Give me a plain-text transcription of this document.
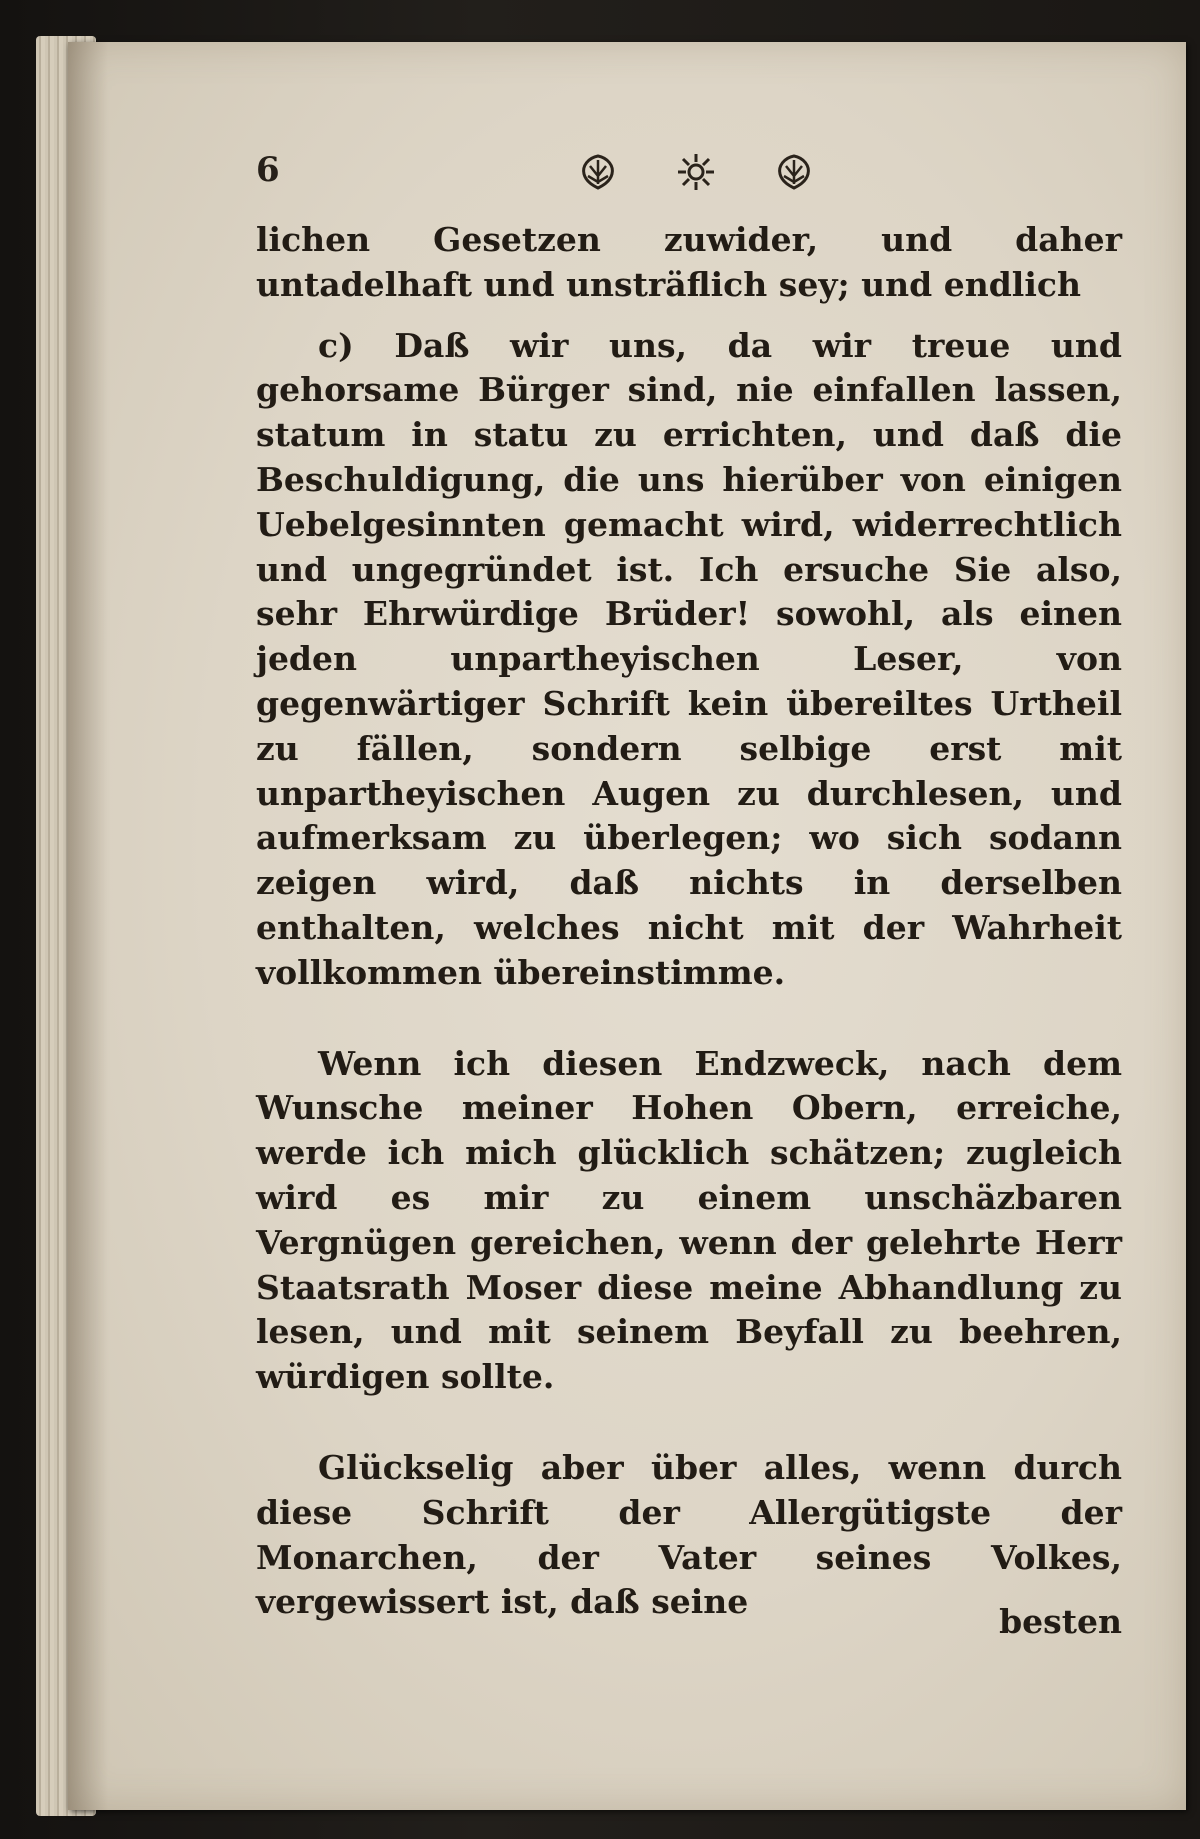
6

lichen Gesetzen zuwider, und daher untadelhaft und unsträflich sey; und endlich

c) Daß wir uns, da wir treue und gehorsame Bürger sind, nie einfallen lassen, statum in statu zu errichten, und daß die Beschuldigung, die uns hierüber von einigen Uebelgesinnten gemacht wird, widerrechtlich und ungegründet ist. Ich ersuche Sie also, sehr Ehrwürdige Brüder! sowohl, als einen jeden unpartheyischen Leser, von gegenwärtiger Schrift kein übereiltes Urtheil zu fällen, sondern selbige erst mit unpartheyischen Augen zu durchlesen, und aufmerksam zu überlegen; wo sich sodann zeigen wird, daß nichts in derselben enthalten, welches nicht mit der Wahrheit vollkommen übereinstimme.

Wenn ich diesen Endzweck, nach dem Wunsche meiner Hohen Obern, erreiche, werde ich mich glücklich schätzen; zugleich wird es mir zu einem unschäzbaren Vergnügen gereichen, wenn der gelehrte Herr Staatsrath Moser diese meine Abhandlung zu lesen, und mit seinem Beyfall zu beehren, würdigen sollte.

Glückselig aber über alles, wenn durch diese Schrift der Allergütigste der Monarchen, der Vater seines Volkes, vergewissert ist, daß seine

besten
